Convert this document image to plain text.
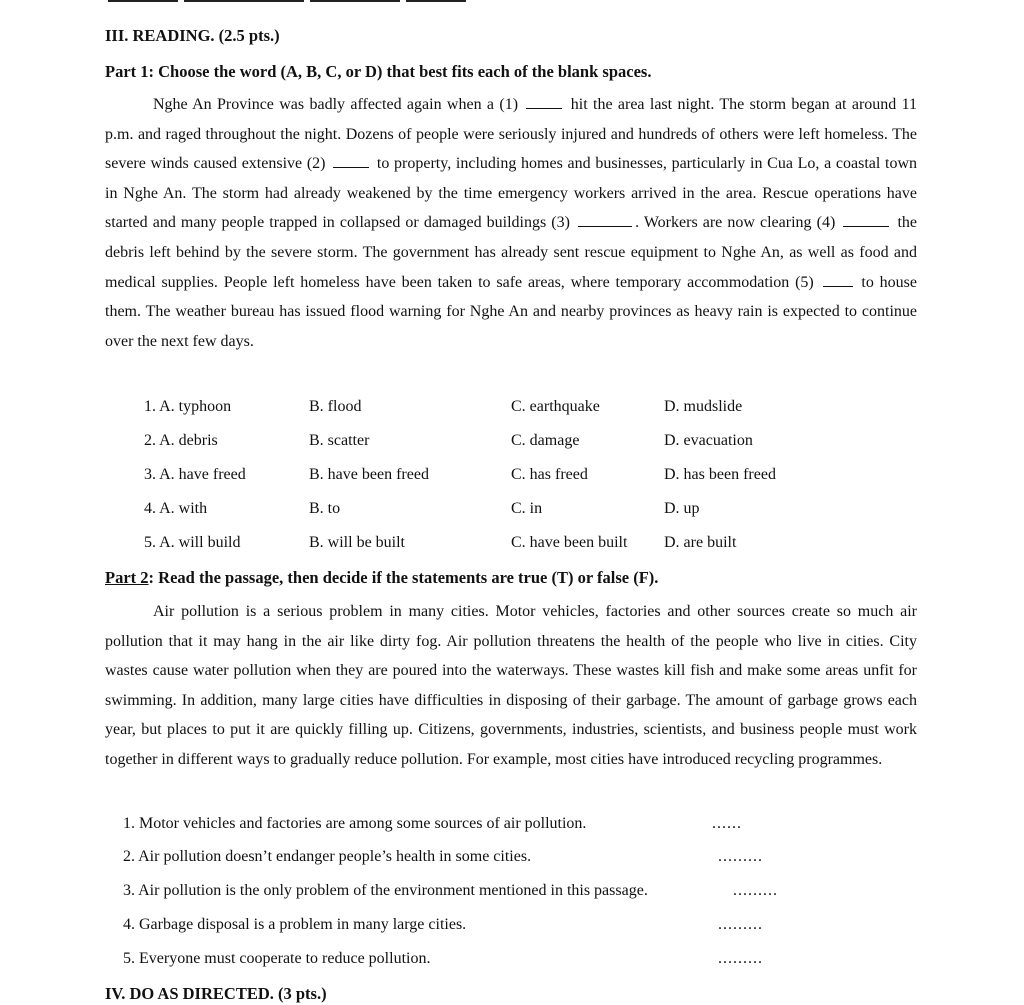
III. READING. (2.5 pts.)
Part 1: Choose the word (A, B, C, or D) that best fits each of the blank spaces.
Nghe An Province was badly affected again when a (1)	hit the area last night. The storm began at around 11 p.m. and raged throughout the night. Dozens of people were seriously injured and hundreds of others were left homeless. The severe winds caused extensive (2)	to property, including homes and businesses, particularly in Cua Lo, a coastal town in Nghe An. The storm had already weakened by the time emergency workers arrived in the area. Rescue operations have started and many people trapped in collapsed or damaged buildings (3)	. Workers are now clearing (4)	the debris left behind by the severe storm. The government has already sent rescue equipment to Nghe An, as well as food and medical supplies. People left homeless have been taken to safe areas, where temporary accommodation (5)	to house them. The weather bureau has issued flood warning for Nghe An and nearby provinces as heavy rain is expected to continue over the next few days.
1. A. typhoon	B. flood	C. earthquake	D. mudslide
2. A. debris	B. scatter	C. damage	D. evacuation
3. A. have freed	B. have been freed	C. has freed	D. has been freed
4. A. with	B. to	C. in	D. up
5. A. will build	B. will be built	C. have been built D. are built
Part 2: Read the passage, then decide if the statements are true (T) or false (F).
Air pollution is a serious problem in many cities. Motor vehicles, factories and other sources create so much air pollution that it may hang in the air like dirty fog. Air pollution threatens the health of the people who live in cities. City wastes cause water pollution when they are poured into the waterways. These wastes kill fish and make some areas unfit for swimming. In addition, many large cities have difficulties in disposing of their garbage. The amount of garbage grows each year, but places to put it are quickly filling up. Citizens, governments, industries, scientists, and business people must work together in different ways to gradually reduce pollution. For example, most cities have introduced recycling programmes.
1. Motor vehicles and factories are among some sources of air pollution.	......
2. Air pollution doesn’t endanger people’s health in some cities.	.........
3. Air pollution is the only problem of the environment mentioned in this passage.	.........
4. Garbage disposal is a problem in many large cities.	.........
5. Everyone must cooperate to reduce pollution.	.........
IV. DO AS DIRECTED. (3 pts.)
